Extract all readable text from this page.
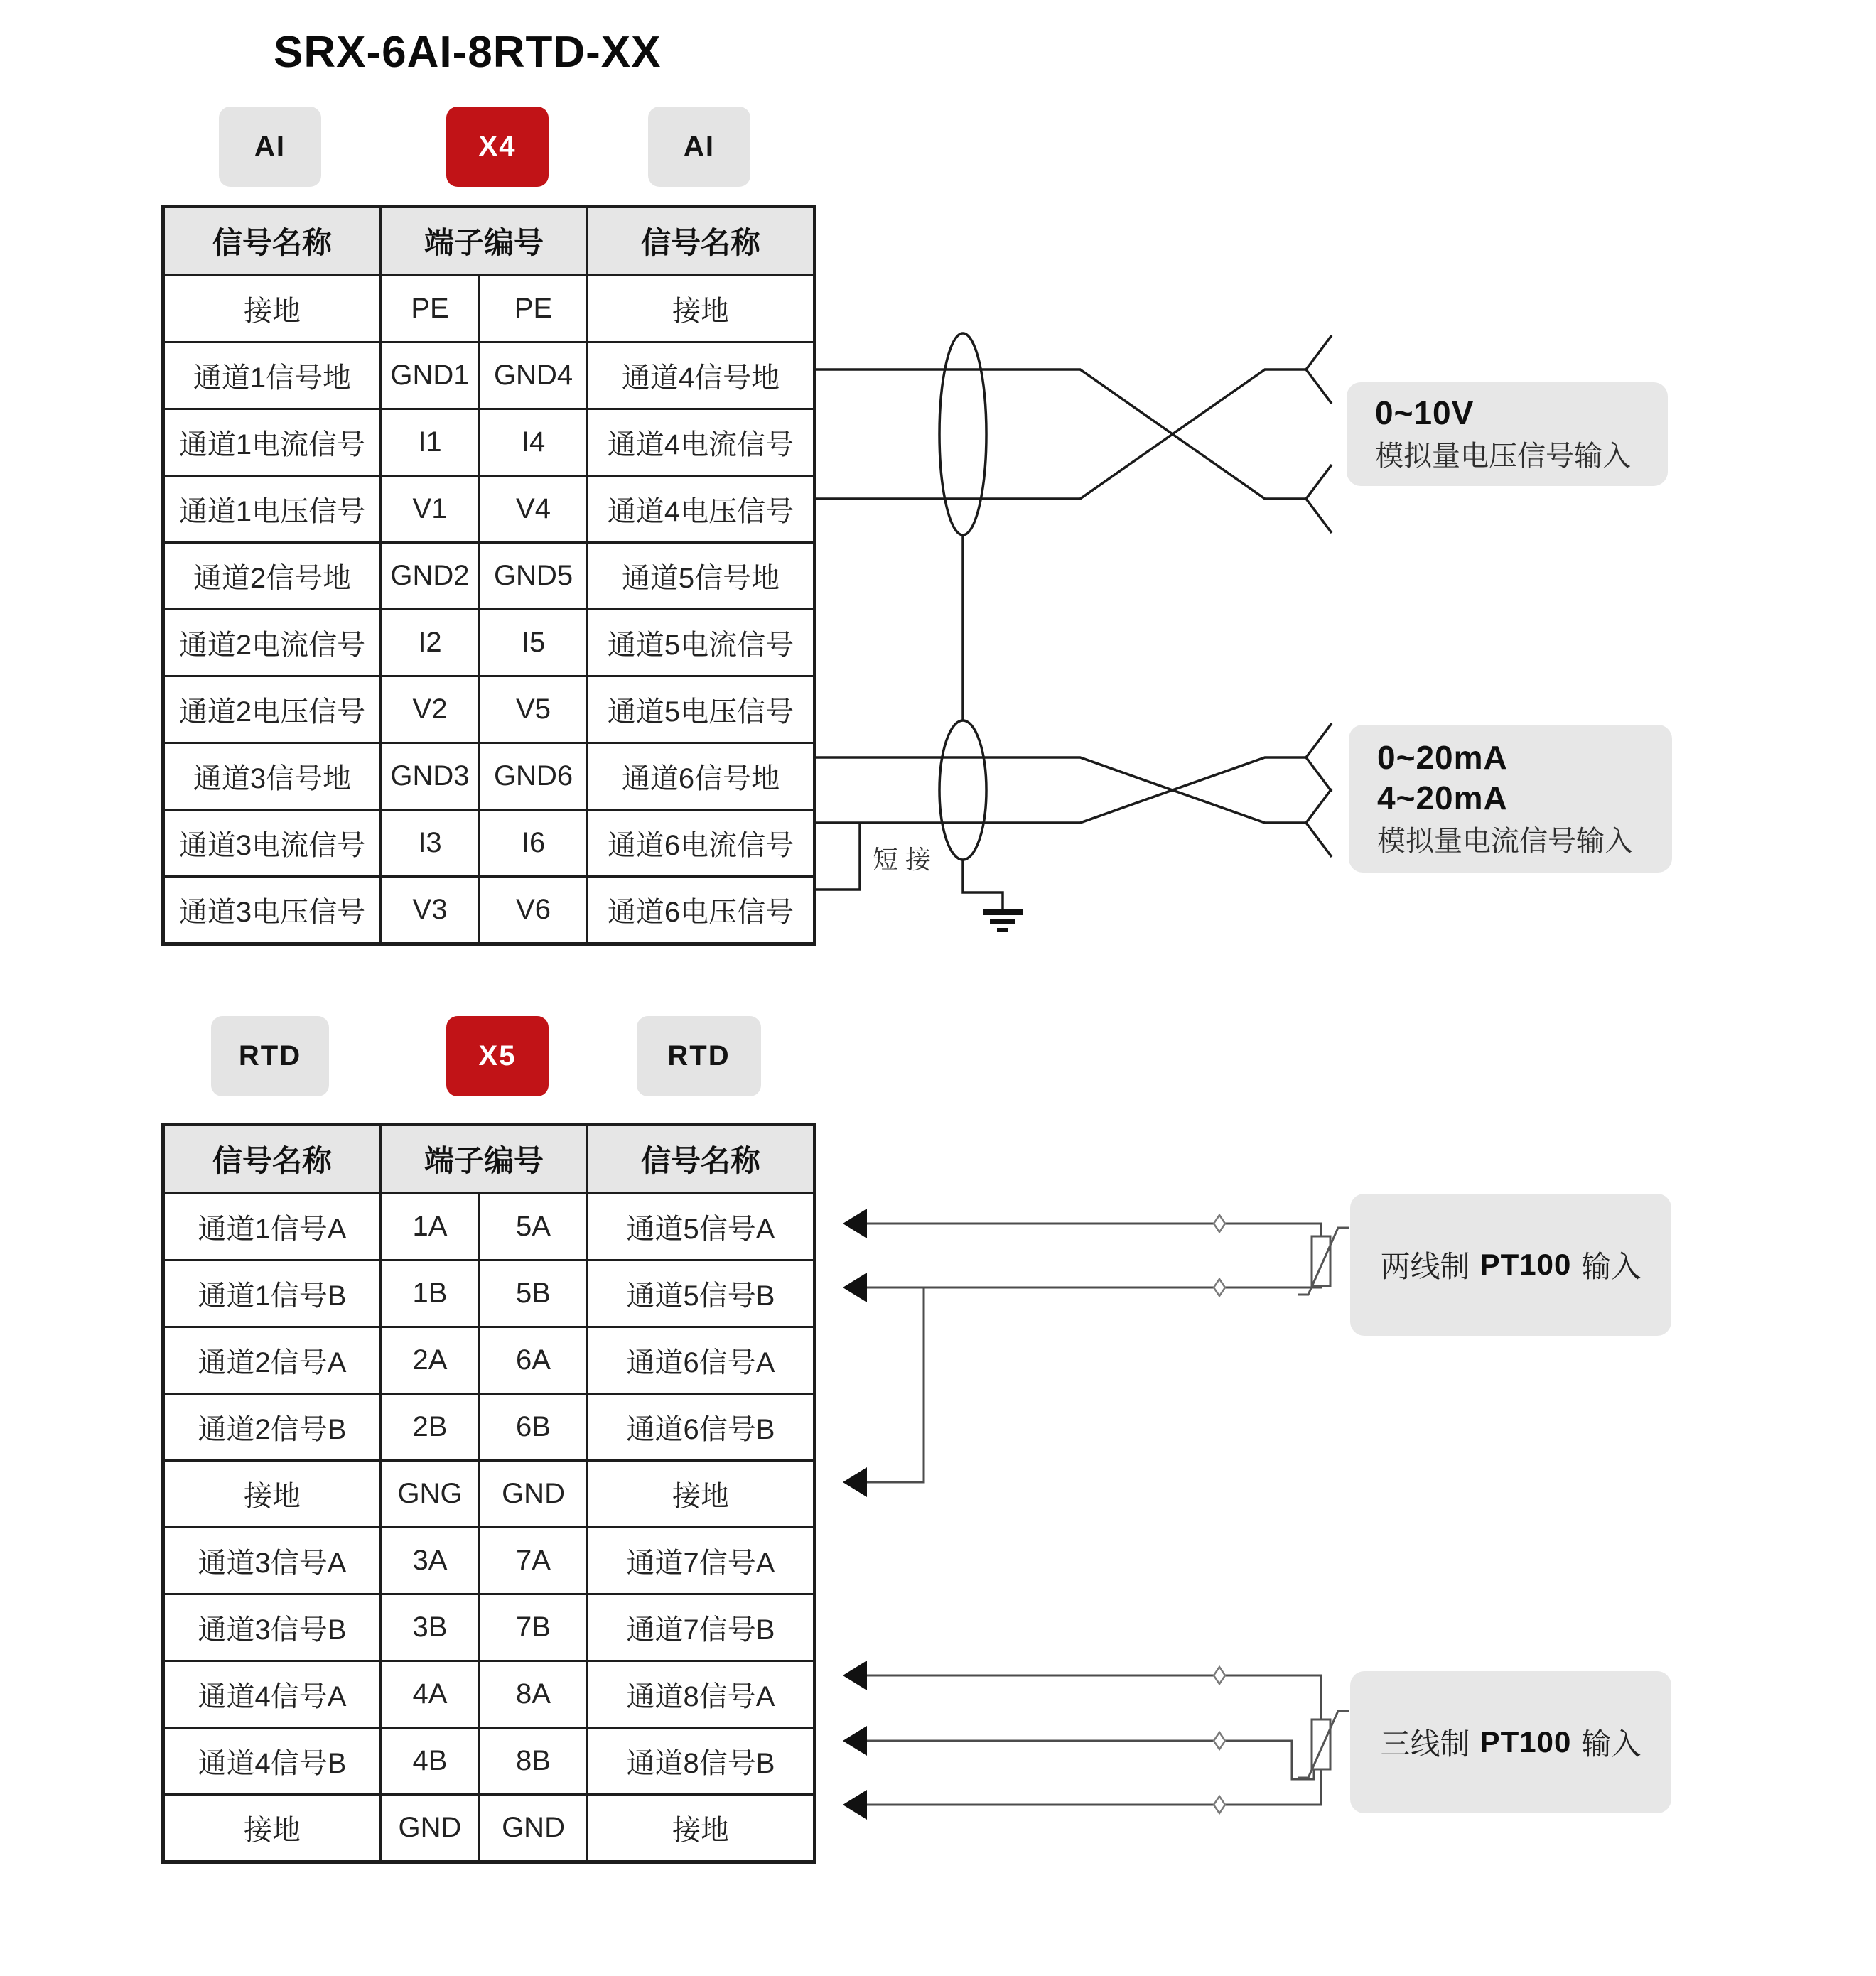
SRX-6AI-8RTD-XX
AI	X4	AI
信号名称	端子编号		信号名称
接地	PE	PE	接地
通道1信号地	GND1	GND4	通道4信号地
通道1电流信号	I1	I4	通道4电流信号
通道1电压信号	V1	V4	通道4电压信号
通道2信号地	GND2	GND5	通道5信号地
通道2电流信号	I2	I5	通道5电流信号
通道2电压信号	V2	V5	通道5电压信号
通道3信号地	GND3	GND6	通道6信号地
通道3电流信号	I3	I6	通道6电流信号
通道3电压信号	V3	V6	通道6电压信号
短接
0~10V
模拟量电压信号输入
0~20mA
4~20mA
模拟量电流信号输入
RTD	X5	RTD
信号名称	端子编号		信号名称
通道1信号A	1A	5A	通道5信号A
通道1信号B	1B	5B	通道5信号B
通道2信号A	2A	6A	通道6信号A
通道2信号B	2B	6B	通道6信号B
接地	GNG	GND	接地
通道3信号A	3A	7A	通道7信号A
通道3信号B	3B	7B	通道7信号B
通道4信号A	4A	8A	通道8信号A
通道4信号B	4B	8B	通道8信号B
接地	GND	GND	接地
两线制 PT100 输入
三线制 PT100 输入
